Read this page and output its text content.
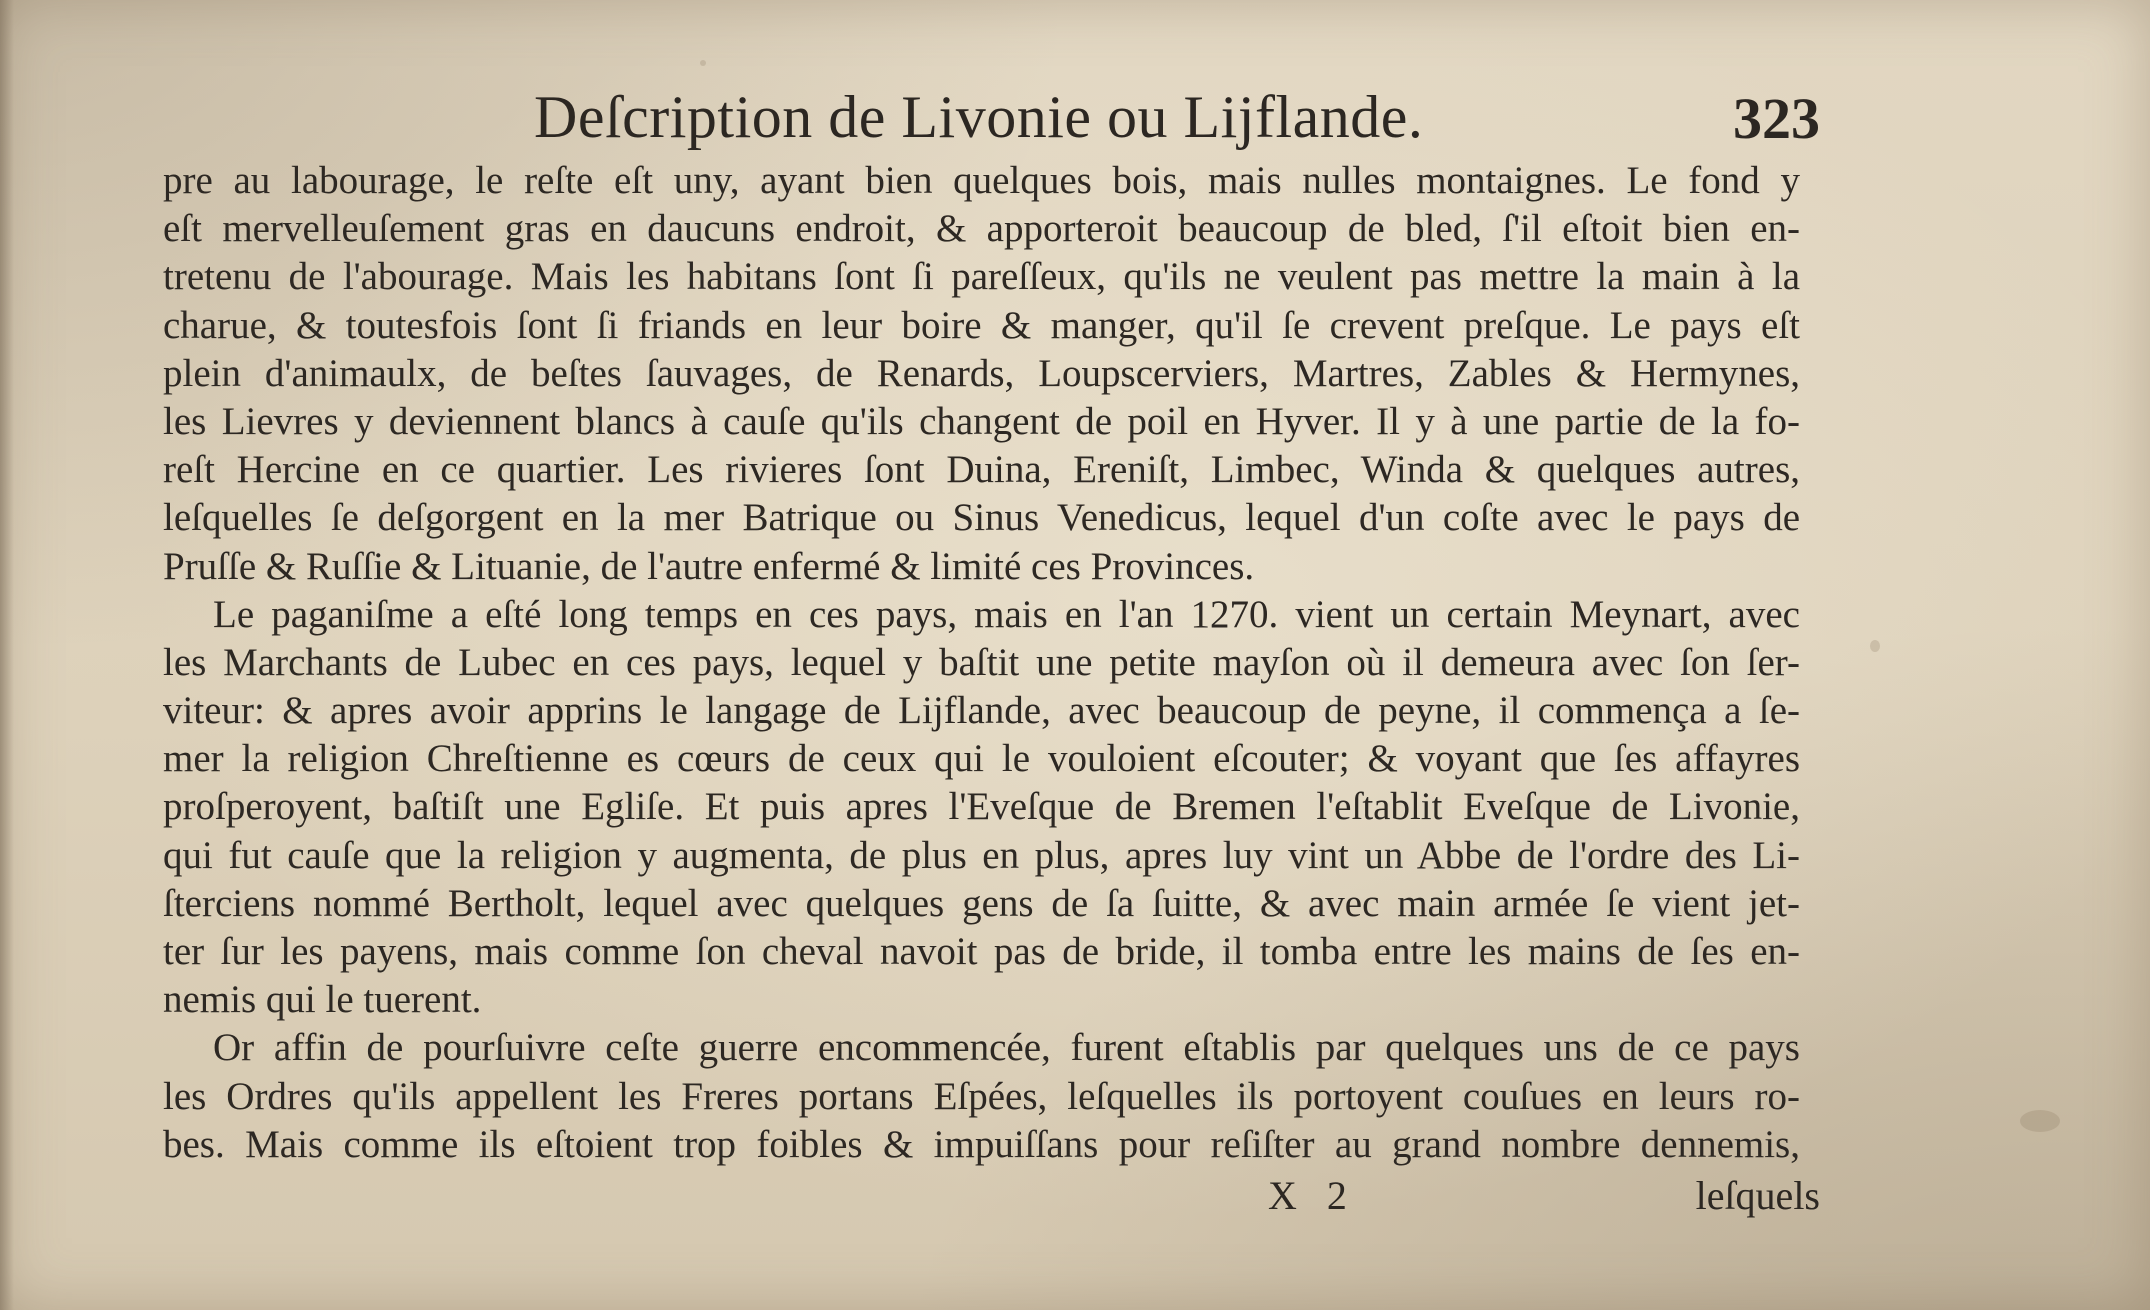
Deſcription de Livonie ou Lijflande.	323
pre au labourage, le reſte eſt uny, ayant bien quelques bois, mais nulles montaignes. Le fond y
eſt mervelleuſement gras en daucuns endroit, & apporteroit beaucoup de bled, ſ'il eſtoit bien en-
tretenu de l'abourage. Mais les habitans ſont ſi pareſſeux, qu'ils ne veulent pas mettre la main à la
charue, & toutesfois ſont ſi friands en leur boire & manger, qu'il ſe crevent preſque. Le pays eſt
plein d'animaulx, de beſtes ſauvages, de Renards, Loupscerviers, Martres, Zables & Hermynes,
les Lievres y deviennent blancs à cauſe qu'ils changent de poil en Hyver. Il y à une partie de la fo-
reſt Hercine en ce quartier. Les rivieres ſont Duina, Ereniſt, Limbec, Winda & quelques autres,
leſquelles ſe deſgorgent en la mer Batrique ou Sinus Venedicus, lequel d'un coſte avec le pays de
Pruſſe & Ruſſie & Lituanie, de l'autre enfermé & limité ces Provinces.
Le paganiſme a eſté long temps en ces pays, mais en l'an 1270. vient un certain Meynart, avec
les Marchants de Lubec en ces pays, lequel y baſtit une petite mayſon où il demeura avec ſon ſer-
viteur: & apres avoir apprins le langage de Lijflande, avec beaucoup de peyne, il commença a ſe-
mer la religion Chreſtienne es cœurs de ceux qui le vouloient eſcouter; & voyant que ſes affayres
proſperoyent, baſtiſt une Egliſe. Et puis apres l'Eveſque de Bremen l'eſtablit Eveſque de Livonie,
qui fut cauſe que la religion y augmenta, de plus en plus, apres luy vint un Abbe de l'ordre des Li-
ſterciens nommé Bertholt, lequel avec quelques gens de ſa ſuitte, & avec main armée ſe vient jet-
ter ſur les payens, mais comme ſon cheval navoit pas de bride, il tomba entre les mains de ſes en-
nemis qui le tuerent.
Or affin de pourſuivre ceſte guerre encommencée, furent eſtablis par quelques uns de ce pays
les Ordres qu'ils appellent les Freres portans Eſpées, leſquelles ils portoyent couſues en leurs ro-
bes. Mais comme ils eſtoient trop foibles & impuiſſans pour reſiſter au grand nombre dennemis,
X 2	leſquels
